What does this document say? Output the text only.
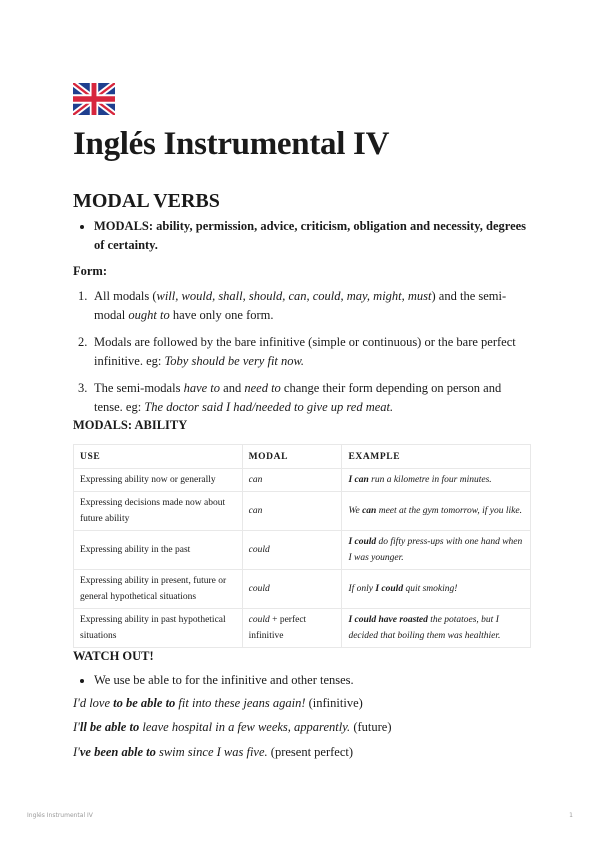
Inglés Instrumental IV
MODAL VERBS
MODALS: ability, permission, advice, criticism, obligation and necessity, degrees of certainty.
Form:
1. All modals (will, would, shall, should, can, could, may, might, must) and the semi-modal ought to have only one form.
2. Modals are followed by the bare infinitive (simple or continuous) or the bare perfect infinitive. eg: Toby should be very fit now.
3. The semi-modals have to and need to change their form depending on person and tense. eg: The doctor said I had/needed to give up red meat.
MODALS: ABILITY
USE	MODAL	EXAMPLE
Expressing ability now or generally	can	I can run a kilometre in four minutes.
Expressing decisions made now about future ability	can	We can meet at the gym tomorrow, if you like.
Expressing ability in the past	could	I could do fifty press-ups with one hand when I was younger.
Expressing ability in present, future or general hypothetical situations	could	If only I could quit smoking!
Expressing ability in past hypothetical situations	could + perfect infinitive	I could have roasted the potatoes, but I decided that boiling them was healthier.
WATCH OUT!
We use be able to for the infinitive and other tenses.

I'd love to be able to fit into these jeans again! (infinitive)

I'll be able to leave hospital in a few weeks, apparently. (future)

I've been able to swim since I was five. (present perfect)

Inglés Instrumental IV	1
